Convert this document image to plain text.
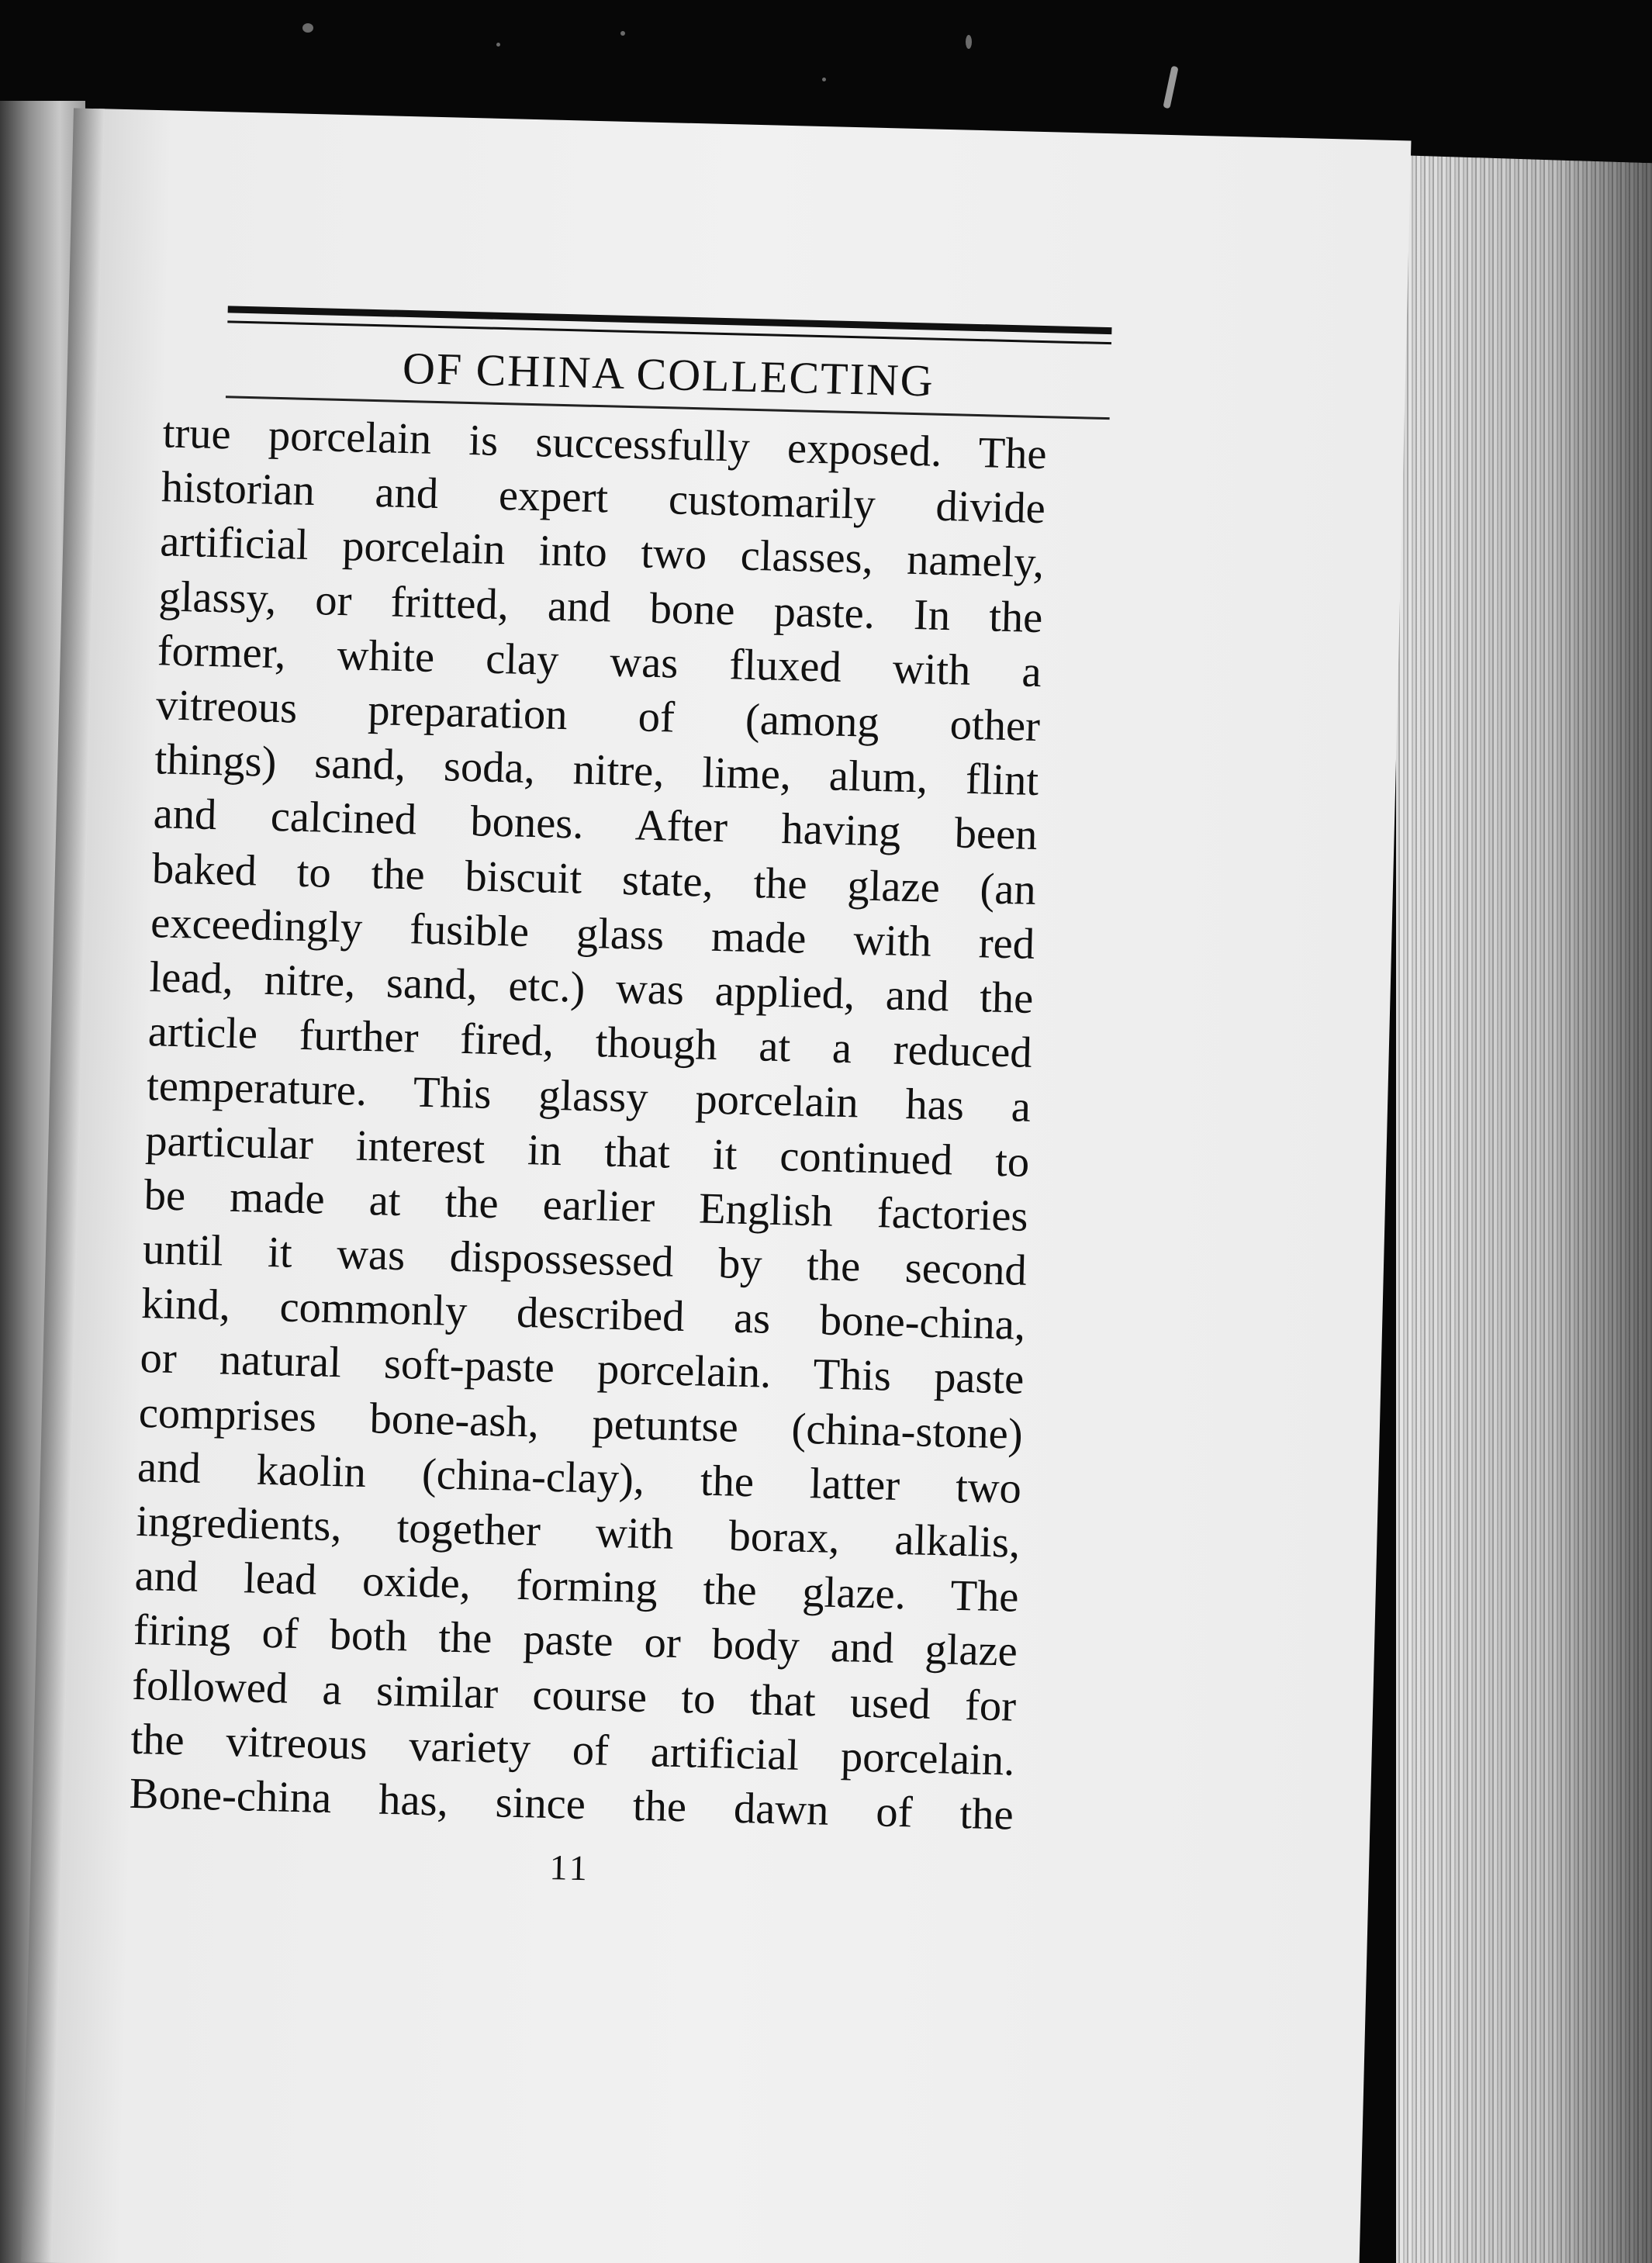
OF CHINA COLLECTING
true porcelain is successfully exposed. The
historian and expert customarily divide
artificial porcelain into two classes, namely,
glassy, or fritted, and bone paste. In the
former, white clay was fluxed with a
vitreous preparation of (among other
things) sand, soda, nitre, lime, alum, flint
and calcined bones. After having been
baked to the biscuit state, the glaze (an
exceedingly fusible glass made with red
lead, nitre, sand, etc.) was applied, and the
article further fired, though at a reduced
temperature. This glassy porcelain has a
particular interest in that it continued to
be made at the earlier English factories
until it was dispossessed by the second
kind, commonly described as bone-china,
or natural soft-paste porcelain. This paste
comprises bone-ash, petuntse (china-stone)
and kaolin (china-clay), the latter two
ingredients, together with borax, alkalis,
and lead oxide, forming the glaze. The
firing of both the paste or body and glaze
followed a similar course to that used for
the vitreous variety of artificial porcelain.
Bone-china has, since the dawn of the
11
